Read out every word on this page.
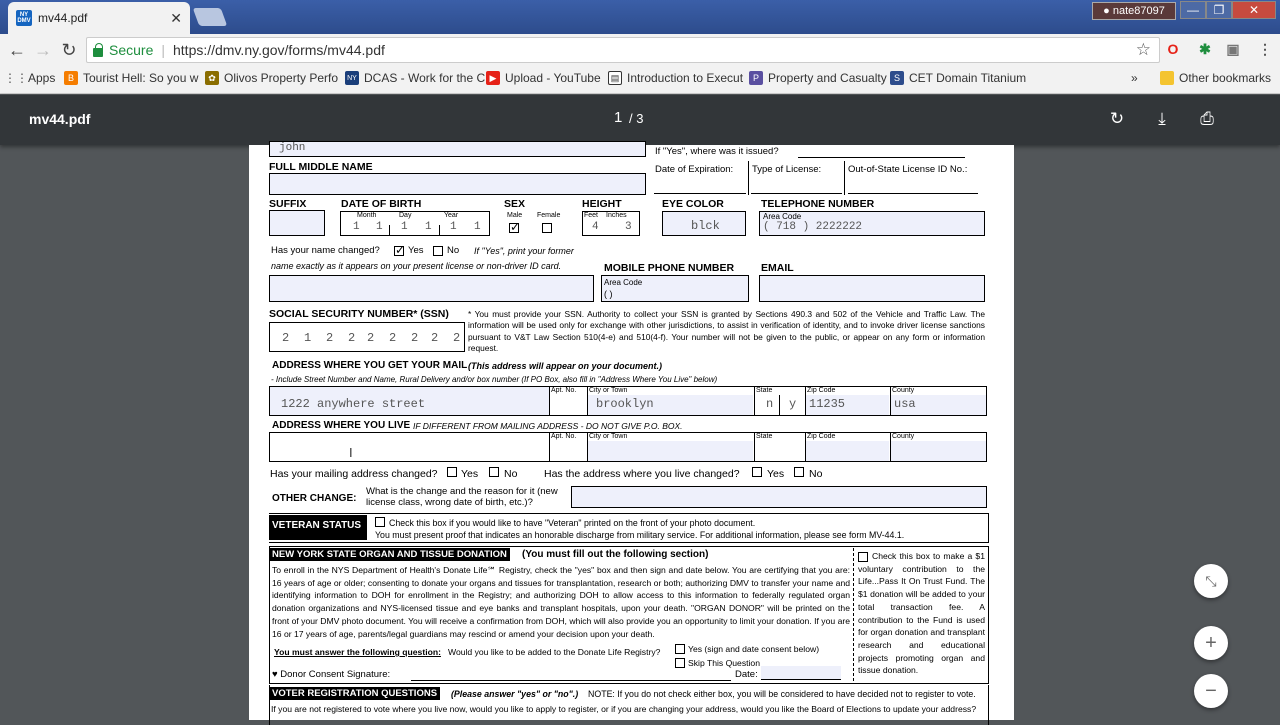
NY DMV mv44.pdf	✕	● nate87097	—	❐	✕
← → ↻	Secure | https://dmv.ny.gov/forms/mv44.pdf	☆ O ✱ ▣ ⋮
⋮⋮ Apps	B Tourist Hell: So you w	✿ Olivos Property Perfo	NY DCAS - Work for the C ▶ Upload - YouTube	▤ Introduction to Execut	P Property and Casualty S CET Domain Titanium	»	Other bookmarks
mv44.pdf	1 / 3	↻	⤓	⎙
john	If "Yes", where was it issued?
FULL MIDDLE NAME	Date of Expiration: Type of License:	Out-of-State License ID No.:
SUFFIX	DATE OF BIRTH
Month	Day	Year
1 1 1 1 1 1
SEX
Male Female
✓
HEIGHT
Feet Inches
4 3
EYE COLOR
blck
TELEPHONE NUMBER
Area Code
( 718 ) 2222222
Has your name changed?
✓	Yes No If "Yes", print your former
name exactly as it appears on your present license or non-driver ID card.	MOBILE PHONE NUMBER
Area Code
( )
EMAIL
SOCIAL SECURITY NUMBER* (SSN)
2 1 2 2 2 2 2 2 2
* You must provide your SSN. Authority to collect your SSN is granted by Sections 490.3 and 502 of the Vehicle and Traffic Law. The information will be used only for exchange with other jurisdictions, to assist in verification of identity, and to invoke driver license sanctions pursuant to V&T Law Section 510(4-e) and 510(4-f). Your number will not be given to the public, or appear on any form or information request.
ADDRESS WHERE YOU GET YOUR MAIL (This address will appear on your document.)
- Include Street Number and Name, Rural Delivery and/or box number (If PO Box, also fill in "Address Where You Live" below)
1222 anywhere street
Apt. No. City or Town
brooklyn
State
n y
Zip Code
11235
County
usa
ADDRESS WHERE YOU LIVE IF DIFFERENT FROM MAILING ADDRESS - DO NOT GIVE P.O. BOX.
Apt. No. City or Town	State	Zip Code	County
I
Has your mailing address changed? Yes No	Has the address where you live changed?	Yes No
OTHER CHANGE:
What is the change and the reason for it (new
license class, wrong date of birth, etc.)?
VETERAN STATUS	Check this box if you would like to have "Veteran" printed on the front of your photo document.
You must present proof that indicates an honorable discharge from military service. For additional information, please see form MV-44.1.
NEW YORK STATE ORGAN AND TISSUE DONATION	(You must fill out the following section)
To enroll in the NYS Department of Health's Donate Life℠ Registry, check the "yes" box and then sign and date below. You are certifying that you are: 16 years of age or older; consenting to donate your organs and tissues for transplantation, research or both; authorizing DMV to transfer your name and identifying information to DOH for enrollment in the Registry; and authorizing DOH to allow access to this information to federally regulated organ donation organizations and NYS-licensed tissue and eye banks and transplant hospitals, upon your death. "ORGAN DONOR" will be printed on the front of your DMV photo document. You will receive a confirmation from DOH, which will also provide you an opportunity to limit your donation. If you are 16 or 17 years of age, parents/legal guardians may rescind or amend your decision upon your death.
You must answer the following question: Would you like to be added to the Donate Life Registry?	Yes (sign and date consent below)
Skip This Question
♥ Donor Consent Signature:	Date:
Check this box to make a $1 voluntary contribution to the Life...Pass It On Trust Fund. The $1 donation will be added to your total transaction fee. A contribution to the Fund is used for organ donation and transplant research and educational projects promoting organ and tissue donation.
VOTER REGISTRATION QUESTIONS	(Please answer "yes" or "no".) NOTE: If you do not check either box, you will be considered to have decided not to register to vote.
If you are not registered to vote where you live now, would you like to apply to register, or if you are changing your address, would you like the Board of Elections to update your address?
⤡
+
−
